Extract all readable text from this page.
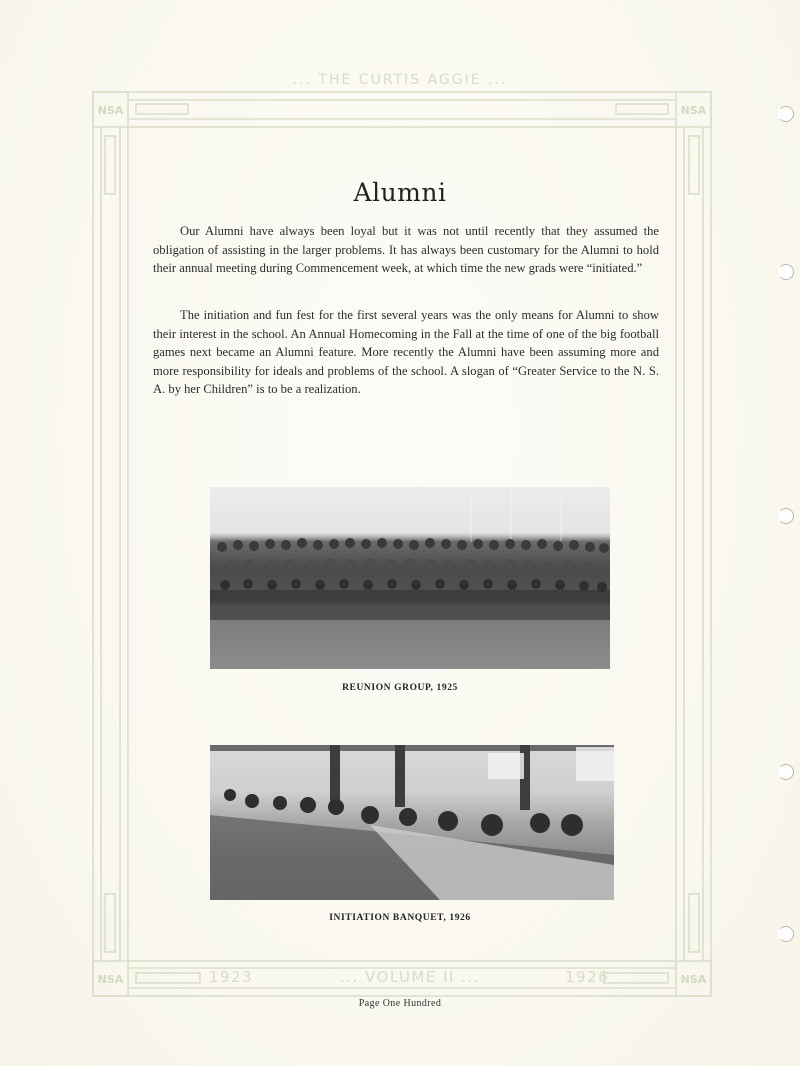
... THE CURTIS AGGIE ...
NSA	NSA
NSA	NSA
Alumni

Our Alumni have always been loyal but it was not until recently that they assumed the obligation of assisting in the larger problems. It has always been customary for the Alumni to hold their annual meeting during Commencement week, at which time the new grads were “initiated.”

The initiation and fun fest for the first several years was the only means for Alumni to show their interest in the school. An Annual Homecoming in the Fall at the time of one of the big football games next became an Alumni feature. More recently the Alumni have been assuming more and more responsibility for ideals and problems of the school. A slogan of “Greater Service to the N. S. A. by her Children” is to be a realization.

REUNION GROUP, 1925
INITIATION BANQUET, 1926
1923	... VOLUME II ...	1926
Page One Hundred
